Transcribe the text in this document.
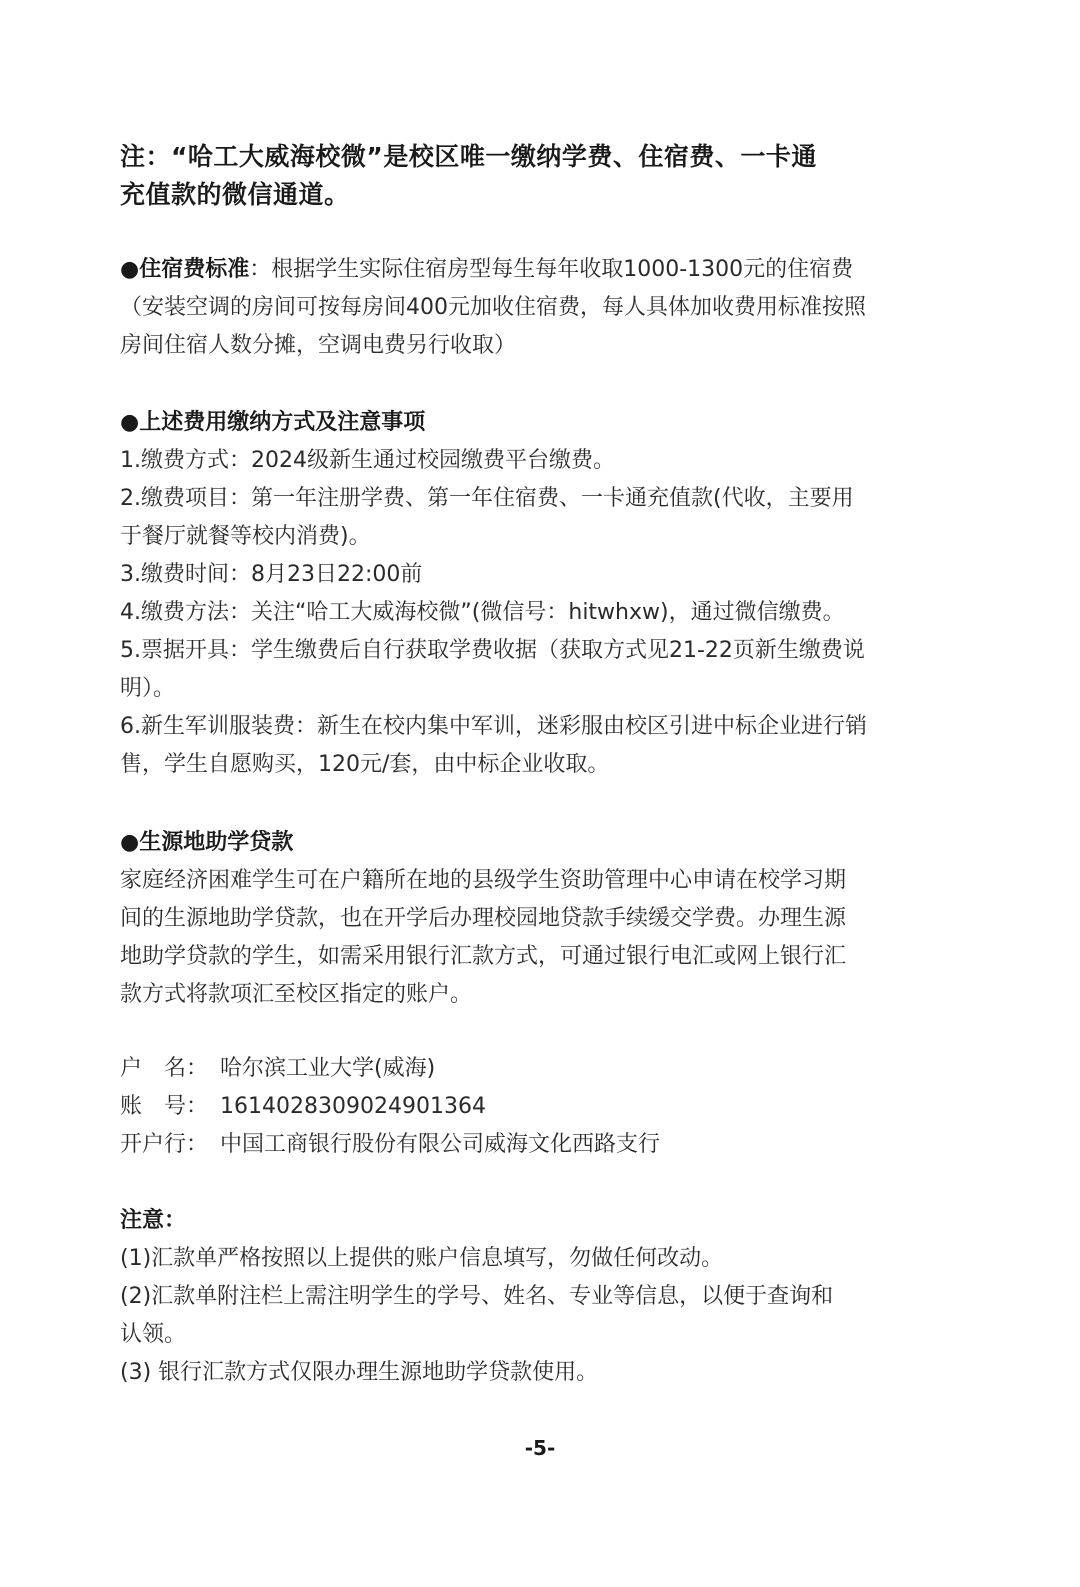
注：“哈工大威海校微”是校区唯一缴纳学费、住宿费、一卡通
充值款的微信通道。
●住宿费标准：根据学生实际住宿房型每生每年收取1000-1300元的住宿费
（安装空调的房间可按每房间400元加收住宿费，每人具体加收费用标准按照
房间住宿人数分摊，空调电费另行收取）
●上述费用缴纳方式及注意事项
1.缴费方式：2024级新生通过校园缴费平台缴费。
2.缴费项目：第一年注册学费、第一年住宿费、一卡通充值款(代收，主要用
于餐厅就餐等校内消费)。
3.缴费时间：8月23日22:00前
4.缴费方法：关注“哈工大威海校微”(微信号：hitwhxw)，通过微信缴费。
5.票据开具：学生缴费后自行获取学费收据（获取方式见21-22页新生缴费说
明）。
6.新生军训服装费：新生在校内集中军训，迷彩服由校区引进中标企业进行销
售，学生自愿购买，120元/套，由中标企业收取。
●生源地助学贷款
家庭经济困难学生可在户籍所在地的县级学生资助管理中心申请在校学习期
间的生源地助学贷款，也在开学后办理校园地贷款手续缓交学费。办理生源
地助学贷款的学生，如需采用银行汇款方式，可通过银行电汇或网上银行汇
款方式将款项汇至校区指定的账户。
户　名： 哈尔滨工业大学(威海)
账　号： 1614028309024901364
开户行： 中国工商银行股份有限公司威海文化西路支行
注意：
(1)汇款单严格按照以上提供的账户信息填写，勿做任何改动。
(2)汇款单附注栏上需注明学生的学号、姓名、专业等信息，以便于查询和
认领。
(3) 银行汇款方式仅限办理生源地助学贷款使用。
-5-
